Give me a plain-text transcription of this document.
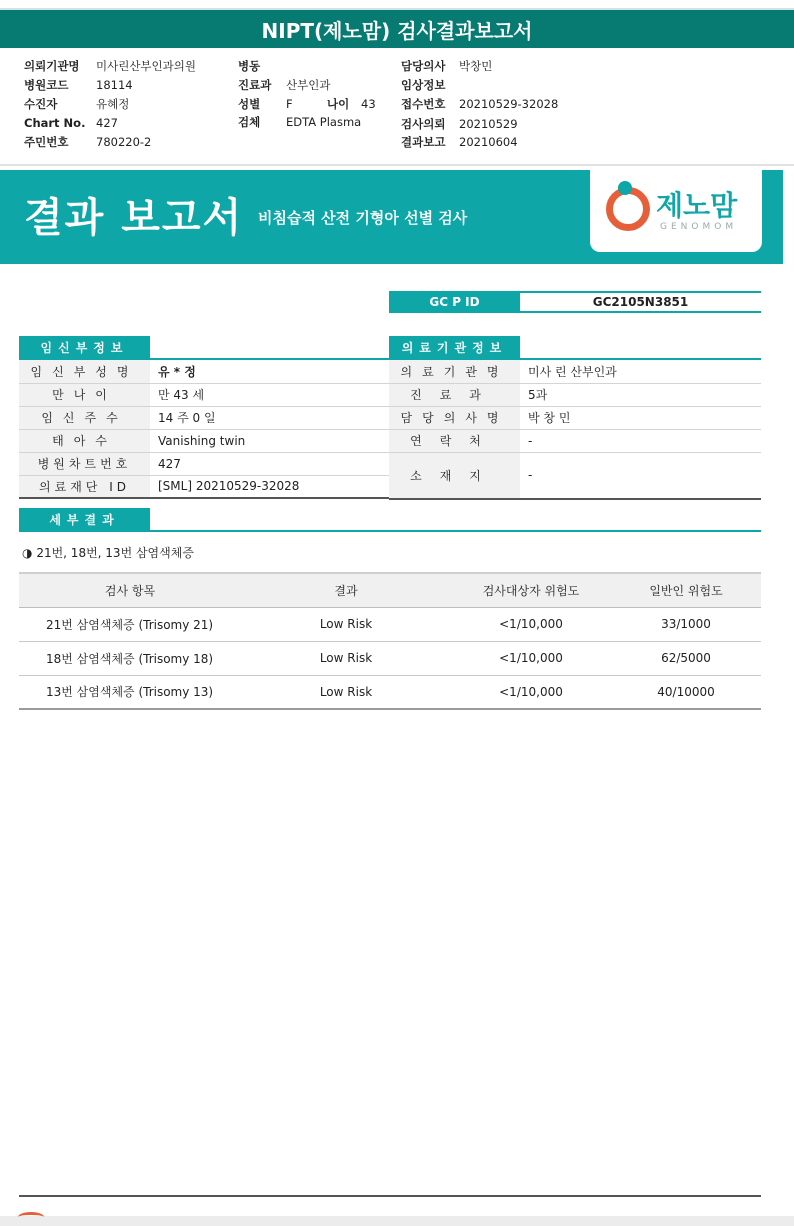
NIPT(제노맘) 검사결과보고서
의뢰기관명 미사린산부인과의원
병원코드 18114
수진자	유혜정
Chart No. 427
주민번호 780220-2
병동
진료과 산부인과
성별 F	나이 43
검체 EDTA Plasma
담당의사 박창민
임상정보
접수번호 20210529-32028
검사의뢰 20210529
결과보고 20210604
결과 보고서 비침습적 산전 기형아 선별 검사	제노맘
GENOMOM
GC P ID	GC2105N3851
임신부정보
임신부성명	유 * 정
만나이	만 43 세
임신주수	14 주 0 일
태아수	Vanishing twin
병원차트번호	427
의료재단 ID	[SML] 20210529-32028
의료기관정보
의료기관명	미사 린 산부인과
진료과	5과
담당의사명	박 창 민
연락처	-
소재지	-
세부결과
◑ 21번, 18번, 13번 삼염색체증
검사 항목	결과	검사대상자 위험도	일반인 위험도
21번 삼염색체증 (Trisomy 21)	Low Risk	<1/10,000	33/1000
18번 삼염색체증 (Trisomy 18)	Low Risk	<1/10,000	62/5000
13번 삼염색체증 (Trisomy 13)	Low Risk	<1/10,000	40/10000
